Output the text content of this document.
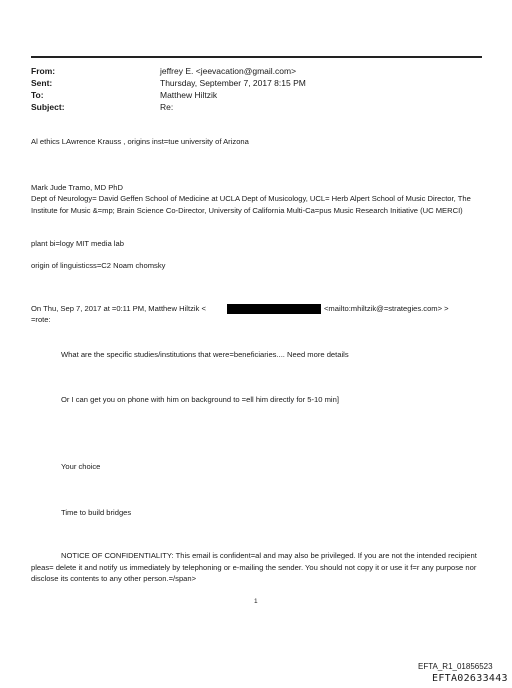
From:	jeffrey E. <jeevacation@gmail.com>
Sent:	Thursday, September 7, 2017 8:15 PM
To:	Matthew Hiltzik
Subject:	Re:
Al ethics LAwrence Krauss , origins inst=tue university of Arizona
Mark Jude Tramo, MD PhD
Dept of Neurology= David Geffen School of Medicine at UCLA Dept of Musicology, UCL= Herb Alpert School of Music Director, The Institute for Music &=mp; Brain Science Co-Director, University of California Multi-Ca=pus Music Research Initiative (UC MERCI)
plant bi=logy MIT media lab
origin of linguisticss=C2 Noam chomsky
On Thu, Sep 7, 2017 at =0:11 PM, Matthew Hiltzik <	<mailto:mhiltzik@=strategies.com> >
=rote:
What are the specific studies/institutions that were=beneficiaries.... Need more details
Or I can get you on phone with him on background to =ell him directly for 5-10 min]
Your choice
Time to build bridges
NOTICE OF CONFIDENTIALITY: This email is confident=al and may also be privileged. If you are not the intended recipient pleas= delete it and notify us immediately by telephoning or e-mailing the sender. You should not copy it or use it f=r any purpose nor disclose its contents to any other person.=/span>
1
EFTA_R1_01856523
EFTA02633443
